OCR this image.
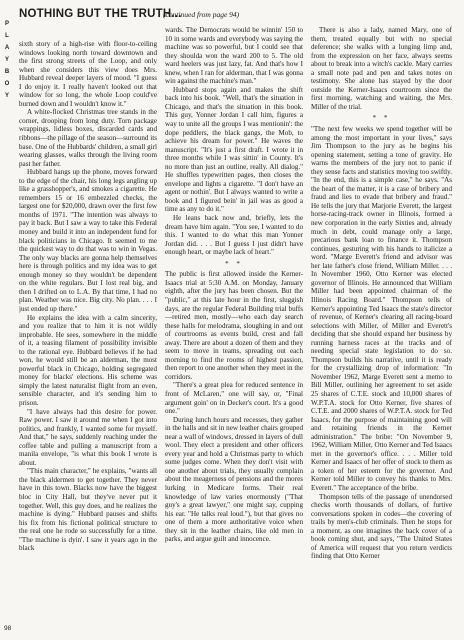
P
L
A
Y
B
O
Y
NOTHING BUT THE TRUTH...
(continued from page 94)

sixth story of a high-rise with floor-to-ceiling windows looking north toward downtown and the first strong streets of the Loop, and only when she considers this view does Mrs. Hubbard reveal deeper layers of mood. "I guess I do enjoy it. I really haven't looked out that window for so long, the whole Loop could've burned down and I wouldn't know it."

A white-flocked Christmas tree stands in the corner, drooping from long duty. Torn package wrappings, lidless boxes, discarded cards and ribbons—the pillage of the season—surround its base. One of the Hubbards' children, a small girl wearing glasses, walks through the living room past her father.

Hubbard hangs up the phone, moves forward to the edge of the chair, his long legs angling up like a grasshopper's, and smokes a cigarette. He remembers 15 or 16 embezzled checks, the largest one for $20,000, drawn over the first few months of 1971. "The intention was always to pay it back. But I saw a way to take this Federal money and build it into an independent fund for black politicians in Chicago. It seemed to me the quickest way to do that was to win in Vegas. The only way blacks are gonna help themselves here is through politics and my idea was to get enough money so they wouldn't be dependent on the white regulars. But I lost real big, and then I drifted on to L.A. By that time, I had no plan. Weather was nice. Big city. No plan. . . . I just ended up there."

He explains the idea with a calm sincerity, and you realize that to him it is not wildly improbable. He sees, somewhere in the middle of it, a teasing filament of possibility invisible to the rational eye. Hubbard believes if he had won, he would still be an alderman, the most powerful black in Chicago, holding segregated money for blacks' elections. His scheme was simply the latest naturalist flight from an even, sensible character, and it's sending him to prison.

"I have always had this desire for power. Raw power. I saw it around me when I got into politics, and frankly, I wanted some for myself. And that," he says, suddenly reaching under the coffee table and pulling a manuscript from a manila envelope, "is what this book I wrote is about.

"This main character," he explains, "wants all the black aldermen to get together. They never have in this town. Blacks now have the biggest bloc in City Hall, but they've never put it together. Well, this guy does, and he realizes the machine is dying." Hubbard pauses and shifts his fix from his fictional political structure to the real one he rode so successfully for a time. "The machine is dyin'. I saw it years ago in the black

wards. The Democrats would be winnin' 150 to 10 in some wards and everybody was saying the machine was so powerful, but I could see that they shoulda won the ward 200 to 5. The old ward heelers was just lazy, fat. And that's how I knew, when I ran for alderman, that I was gonna win against the machine's man."

Hubbard stops again and makes the shift back into his book. "Well, that's the situation in Chicago, and that's the situation in this book. This guy, Yonner Jordan I call him, figures a way to unite all the groups I was mentionin': the dope peddlers, the black gangs, the Mob, to achieve his dream for power." He waves the manuscript. "It's just a first draft. I wrote it in three months while I was sittin' in County. It's no more than just an outline, really. All dialog." He shuffles typewritten pages, then closes the envelope and lights a cigarette. "I don't have an agent or nothin'. But I always wanted to write a book and I figured bein' in jail was as good a time as any to do it."

He leans back now and, briefly, lets the dream have him again. "You see, I wanted to do this. I wanted to do what this man Yonner Jordan did. . . . But I guess I just didn't have enough heart, or maybe lack of heart."

* *

The public is first allowed inside the Kerner-Isaacs trial at 5:30 A.M. on Monday, January eighth, after the jury has been chosen. But the "public," at this late hour in the first, sluggish days, are the regular Federal Building trial buffs—retired men, mostly—who each day search these halls for melodrama, sloughing in and out of courtrooms as events build, crest and fall away. There are about a dozen of them and they seem to move in teams, spreading out each morning to find the rooms of highest passion, then report to one another when they meet in the corridors.

"There's a great plea for reduced sentence in front of McLaren," one will say, or, "Final argument goin' on in Decker's court. It's a good one."

During lunch hours and recesses, they gather in the halls and sit in new leather chairs grouped near a wall of windows, dressed in layers of dull wool. They elect a president and other officers every year and hold a Christmas party to which some judges come. When they don't visit with one another about trials, they usually complain about the meagerness of pensions and the mores lurking in Medicare forms. Their real knowledge of law varies enormously ("That guy's a great lawyer," one might say, cupping his ear. "He talks real loud."), but that gives no one of them a more authoritative voice when they sit in the leather chairs, like old men in parks, and argue guilt and innocence.

There is also a lady, named Mary, one of them, treated equally but with no special deference; she walks with a lunging limp and, from the expression on her face, always seems about to break into a witch's cackle. Mary carries a small note pad and pen and takes notes on testimony. She alone has stayed by the door outside the Kerner-Isaacs courtroom since the first morning, watching and waiting, the Mrs. Miller of the trial.

* *

"The next few weeks we spend together will be among the most important in your lives," says Jim Thompson to the jury as he begins his opening statement, setting a tone of gravity. He warns the members of the jury not to panic if they sense facts and statistics moving too swiftly. "In the end, this is a simple case," he says. "As the heart of the matter, it is a case of bribery and fraud and lies to evade that bribery and fraud." He tells the jury that Marjorie Everett, the largest horse-racing-track owner in Illinois, formed a new corporation in the early Sixties and, already much in debt, could manage only a large, precarious bank loan to finance it. Thompson continues, gesturing with his hands to italicize a word. "Marge Everett's friend and advisor was her late father's close friend, William Miller. . . . In November 1960, Otto Kerner was elected governor of Illinois. He announced that William Miller had been appointed chairman of the Illinois Racing Board." Thompson tells of Kerner's appointing Ted Isaacs the state's director of revenue, of Kerner's clearing all racing-board selections with Miller, of Miller and Everett's deciding that she should expand her business by running harness races at the tracks and of needing special state legislation to do so. Thompson builds his narrative, until it is ready for the crystallizing drop of information: "In November 1962, Marge Everett sent a memo to Bill Miller, outlining her agreement to set aside 25 shares of C.T.E. stock and 10,000 shares of W.P.T.A. stock for Otto Kerner, five shares of C.T.E. and 2000 shares of W.P.T.A. stock for Ted Isaacs, for the purpose of maintaining good will and retaining friends in the Kerner administration." The bribe: "On November 9, 1962, William Miller, Otto Kerner and Ted Isaacs met in the governor's office. . . . Miller told Kerner and Isaacs of her offer of stock to them as a token of her esteem for the governor. And Kerner told Miller to convey his thanks to Mrs. Everett." The acceptance of the bribe.

Thompson tells of the passage of unendorsed checks worth thousands of dollars, of furtive conversations spoken in codes—the covering of trails by men's-club criminals. Then he stops for a moment, as one imagines the back cover of a book coming shut, and says, "The United States of America will request that you return verdicts finding that Otto Kerner

98
